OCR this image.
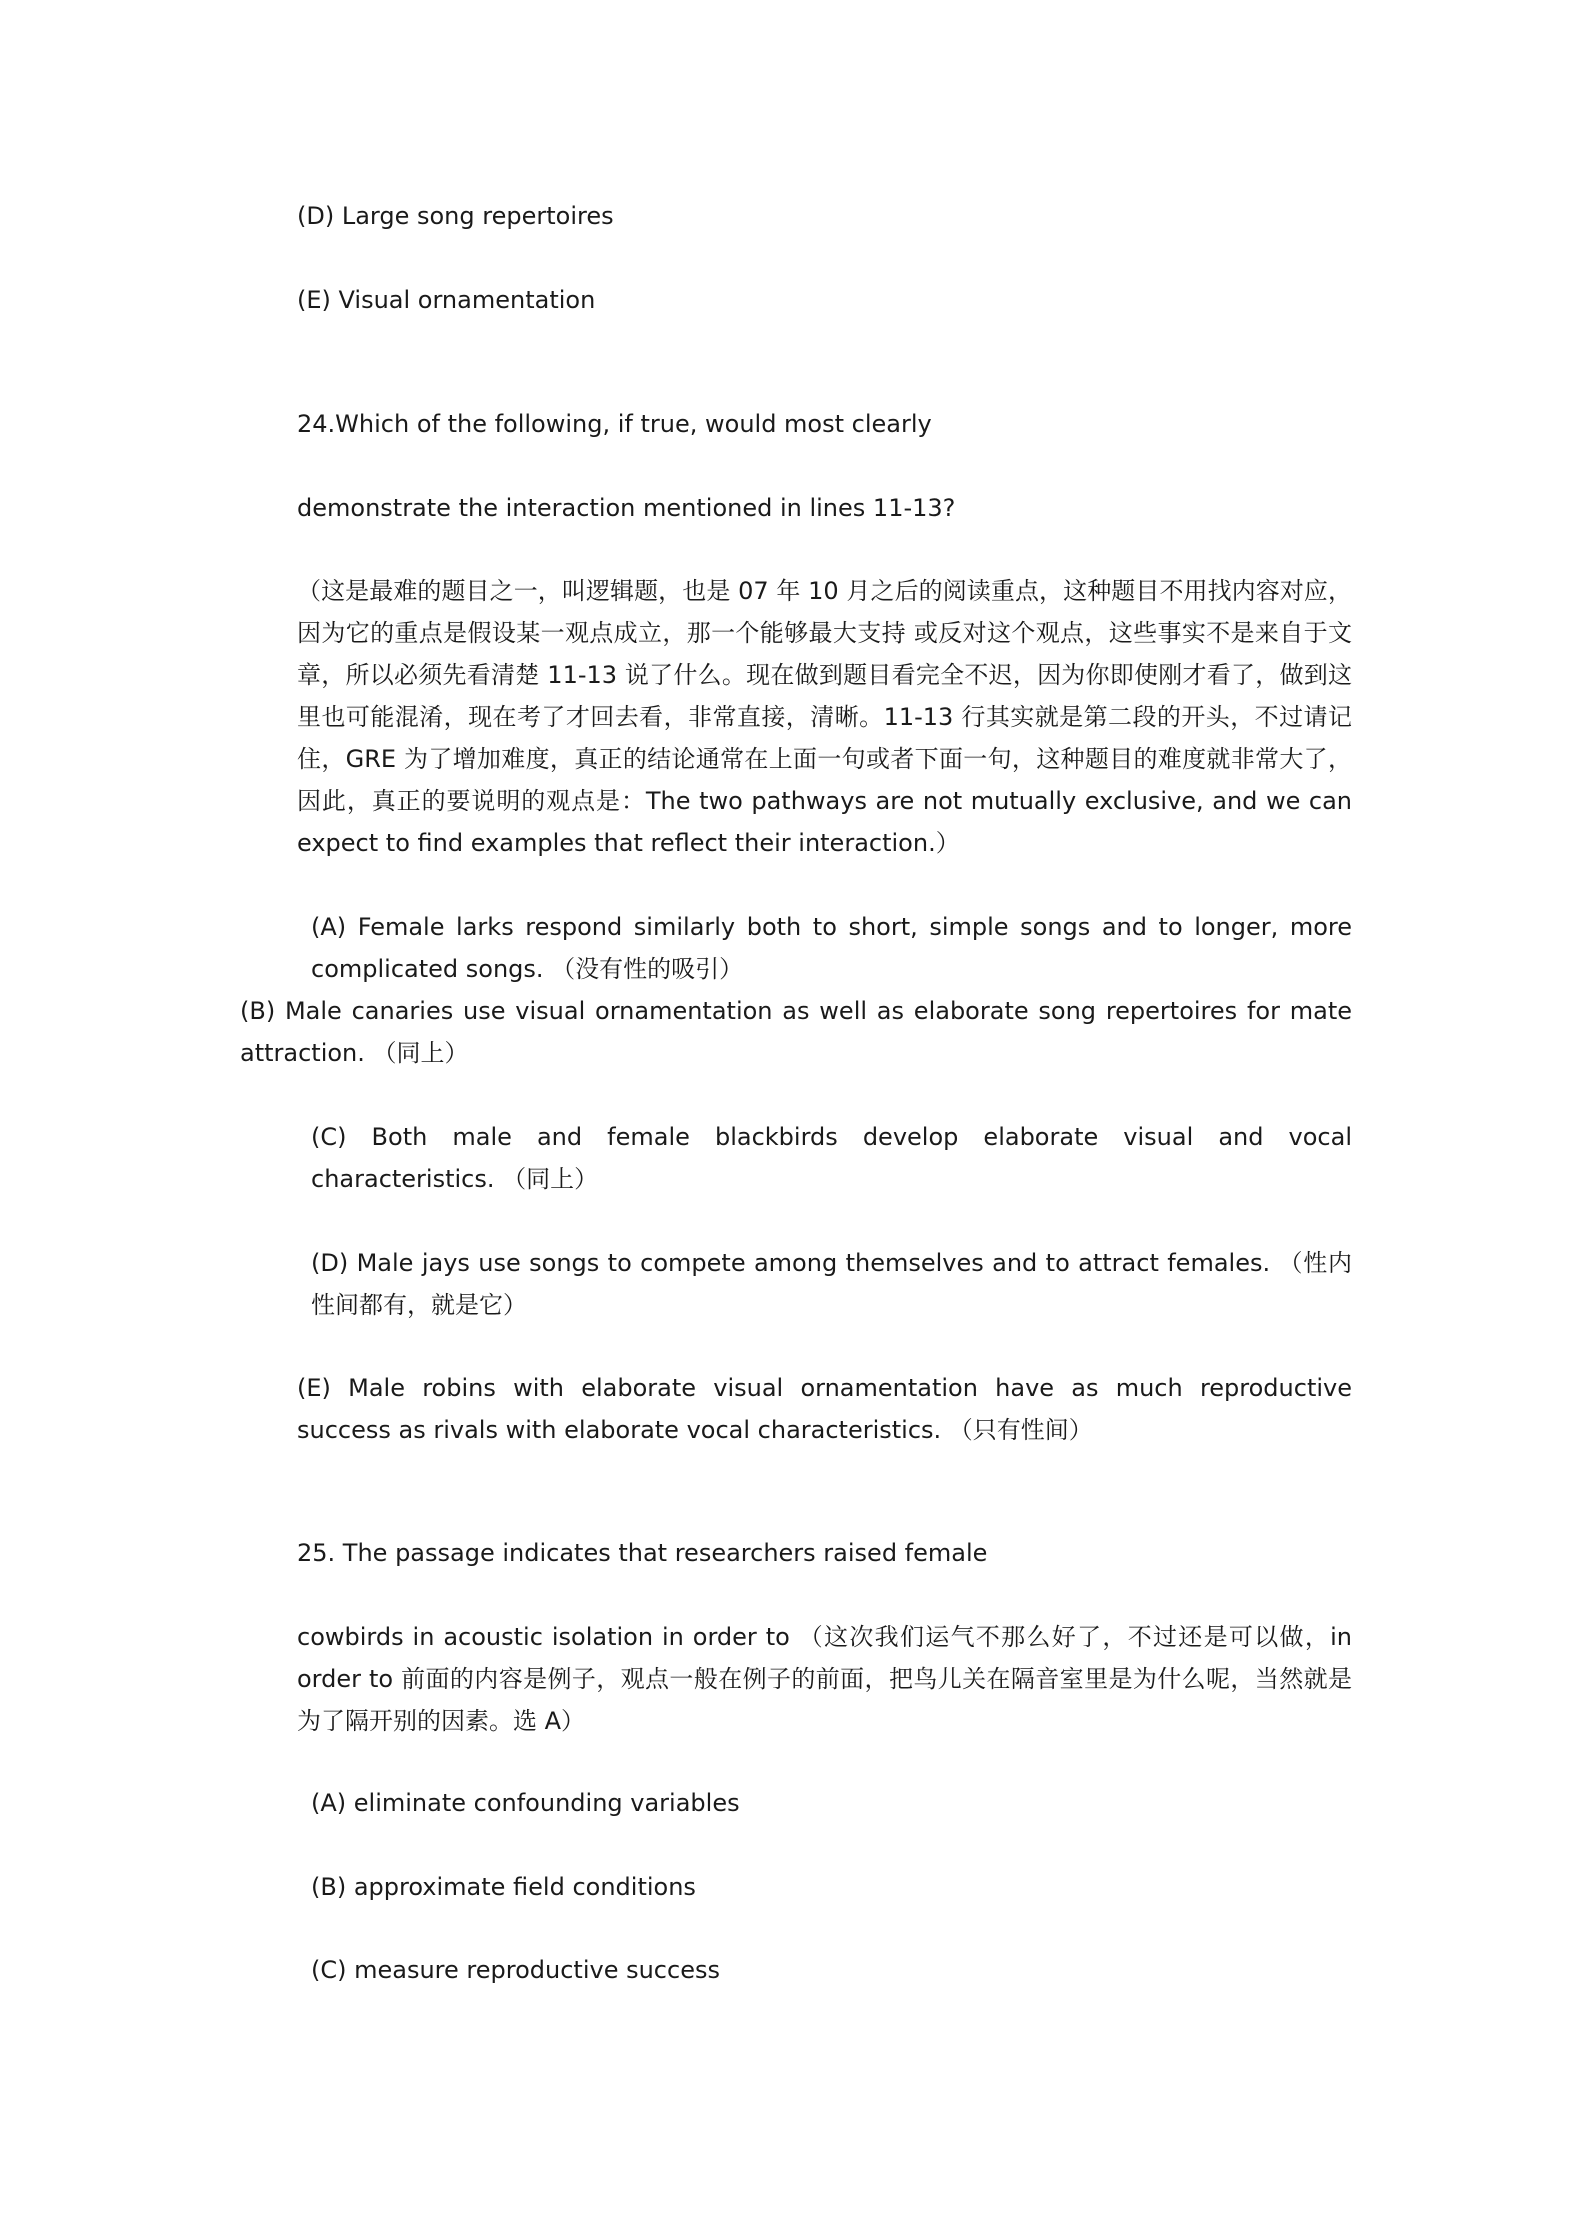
(D) Large song repertoires
(E) Visual ornamentation
24.Which of the following, if true, would most clearly
demonstrate the interaction mentioned in lines 11-13?
（这是最难的题目之一，叫逻辑题，也是 07 年 10 月之后的阅读重点，这种题目不用找内容对应，因为它的重点是假设某一观点成立，那一个能够最大支持 或反对这个观点，这些事实不是来自于文章，所以必须先看清楚 11-13 说了什么。现在做到题目看完全不迟，因为你即使刚才看了，做到这里也可能混淆，现在考了才回去看，非常直接，清晰。11-13 行其实就是第二段的开头，不过请记住，GRE 为了增加难度，真正的结论通常在上面一句或者下面一句，这种题目的难度就非常大了，因此，真正的要说明的观点是：The two pathways are not mutually exclusive, and we can expect to find examples that reflect their interaction.）
(A) Female larks respond similarly both to short, simple songs and to longer, more complicated songs. （没有性的吸引）
(B) Male canaries use visual ornamentation as well as elaborate song repertoires for mate attraction. （同上）
(C) Both male and female blackbirds develop elaborate visual and vocal characteristics. （同上）
(D) Male jays use songs to compete among themselves and to attract females. （性内性间都有，就是它）
(E) Male robins with elaborate visual ornamentation have as much reproductive success as rivals with elaborate vocal characteristics. （只有性间）
25. The passage indicates that researchers raised female
cowbirds in acoustic isolation in order to （这次我们运气不那么好了，不过还是可以做，in order to 前面的内容是例子，观点一般在例子的前面，把鸟儿关在隔音室里是为什么呢，当然就是为了隔开别的因素。选 A）
(A) eliminate confounding variables
(B) approximate field conditions
(C) measure reproductive success
